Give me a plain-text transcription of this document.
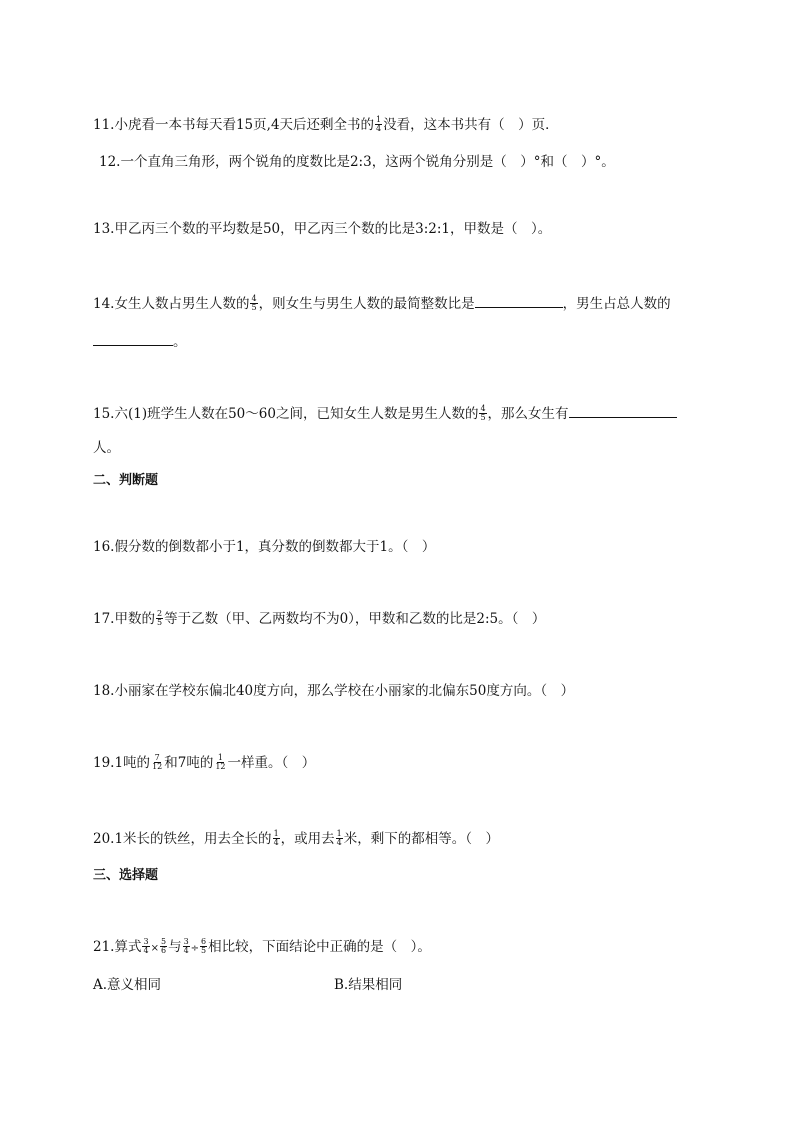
11.小虎看一本书每天看15页,4天后还剩全书的 $\frac{1}{4}$ 没看，这本书共有（　）页．
12.一个直角三角形，两个锐角的度数比是2:3，这两个锐角分别是（　）°和（　）°。
13.甲乙丙三个数的平均数是50，甲乙丙三个数的比是3:2:1，甲数是（　）。
14.女生人数占男生人数的 $\frac{4}{5}$ ，则女生与男生人数的最简整数比是	，男生占总人数的
。
15.六(1)班学生人数在50～60之间，已知女生人数是男生人数的 $\frac{4}{5}$ ，那么女生有
人。
二、判断题
16.假分数的倒数都小于1，真分数的倒数都大于1。（　）
17.甲数的 $\frac{2}{5}$ 等于乙数（甲、乙两数均不为0），甲数和乙数的比是2:5。（　）
18.小丽家在学校东偏北40度方向，那么学校在小丽家的北偏东50度方向。（　）
19.1吨的 $\frac{7}{12}$ 和7吨的 $\frac{1}{12}$ 一样重。（　）
20.1米长的铁丝，用去全长的 $\frac{1}{4}$ ，或用去 $\frac{1}{4}$ 米，剩下的都相等。（　）
三、选择题
21.算式 $\frac{3}{4} \times \frac{5}{6}$ 与 $\frac{3}{4} \div \frac{6}{5}$ 相比较，下面结论中正确的是（　）。
A.意义相同	B.结果相同
